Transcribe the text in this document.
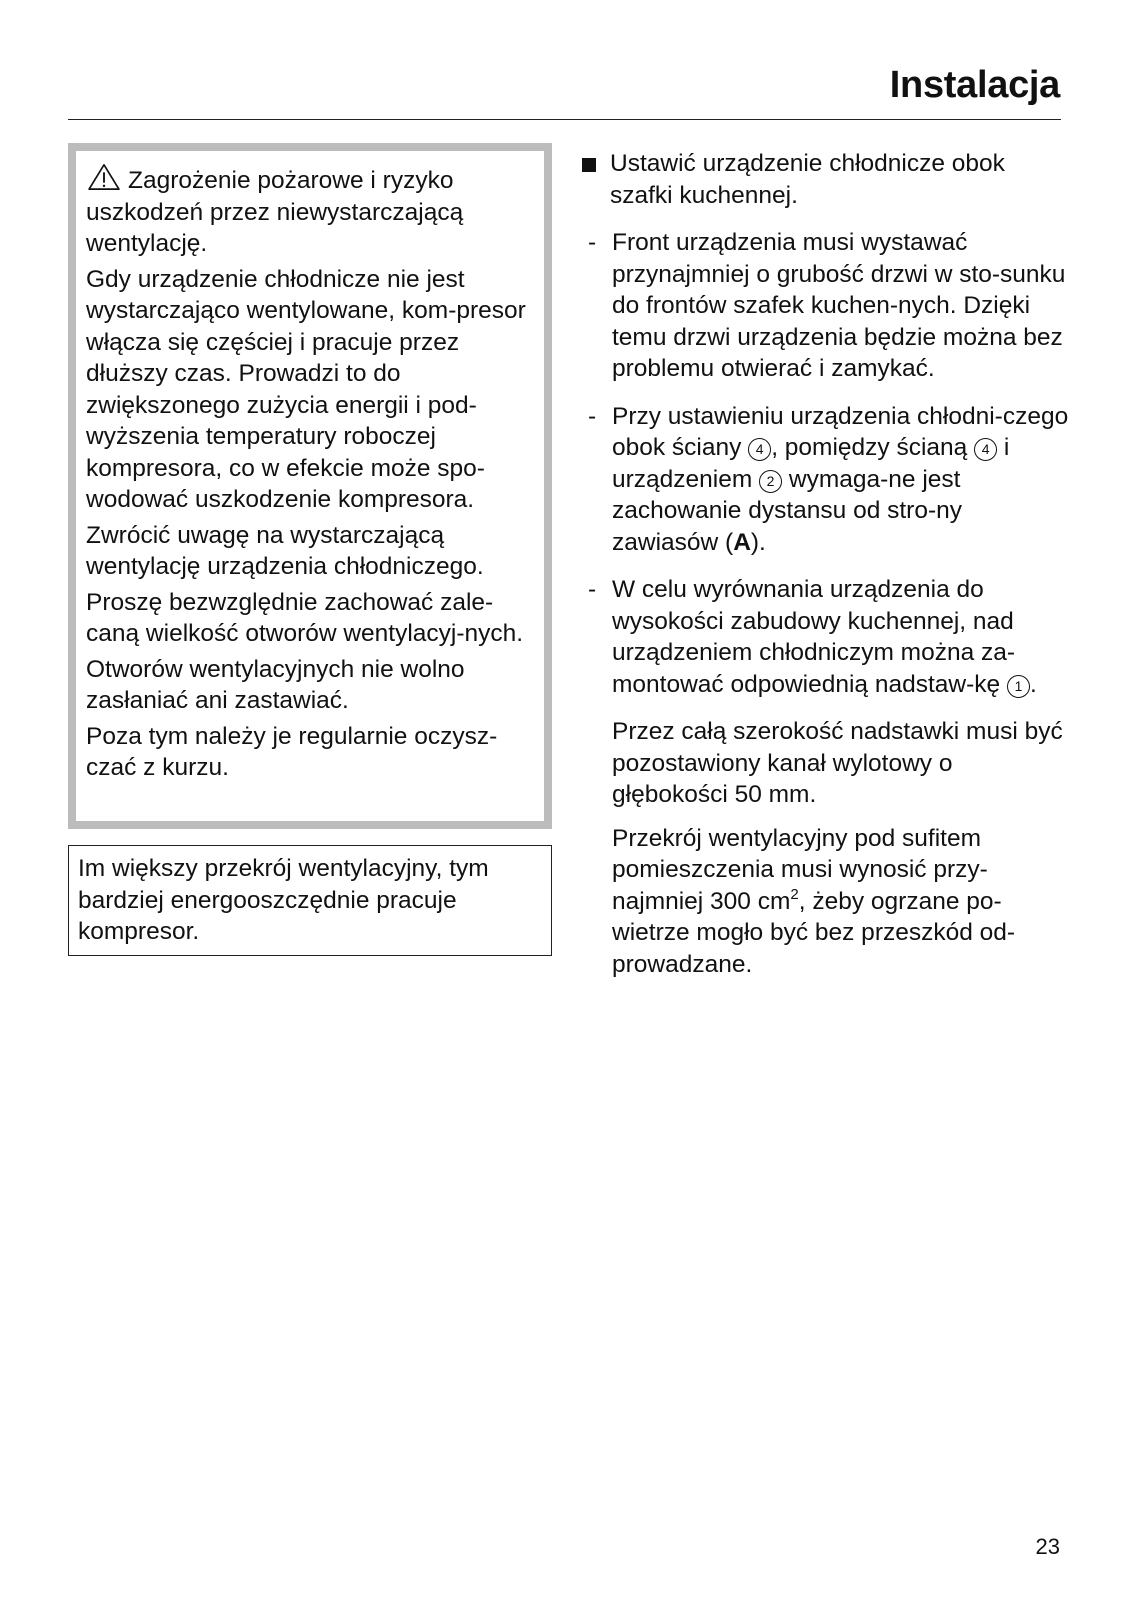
Instalacja

Zagrożenie pożarowe i ryzyko uszkodzeń przez niewystarczającą wentylację.

Gdy urządzenie chłodnicze nie jest wystarczająco wentylowane, kom-presor włącza się częściej i pracuje przez dłuższy czas. Prowadzi to do zwiększonego zużycia energii i pod-wyższenia temperatury roboczej kompresora, co w efekcie może spo-wodować uszkodzenie kompresora.

Zwrócić uwagę na wystarczającą wentylację urządzenia chłodniczego.

Proszę bezwzględnie zachować zale-caną wielkość otworów wentylacyj-nych.

Otworów wentylacyjnych nie wolno zasłaniać ani zastawiać.

Poza tym należy je regularnie oczysz-czać z kurzu.

Im większy przekrój wentylacyjny, tym bardziej energooszczędnie pracuje kompresor.

Ustawić urządzenie chłodnicze obok szafki kuchennej.
- Front urządzenia musi wystawać przynajmniej o grubość drzwi w sto-sunku do frontów szafek kuchen-nych. Dzięki temu drzwi urządzenia będzie można bez problemu otwierać i zamykać.
- Przy ustawieniu urządzenia chłodni-czego obok ściany 4 , pomiędzy ścianą 4 i urządzeniem 2 wymaga-ne jest zachowanie dystansu od stro-ny zawiasów (A).
- W celu wyrównania urządzenia do wysokości zabudowy kuchennej, nad urządzeniem chłodniczym można za-montować odpowiednią nadstaw-kę 1 .
Przez całą szerokość nadstawki musi być pozostawiony kanał wylotowy o głębokości 50 mm.
Przekrój wentylacyjny pod sufitem pomieszczenia musi wynosić przy-najmniej 300 $cm^2$, żeby ogrzane po-wietrze mogło być bez przeszkód od-prowadzane.
23
